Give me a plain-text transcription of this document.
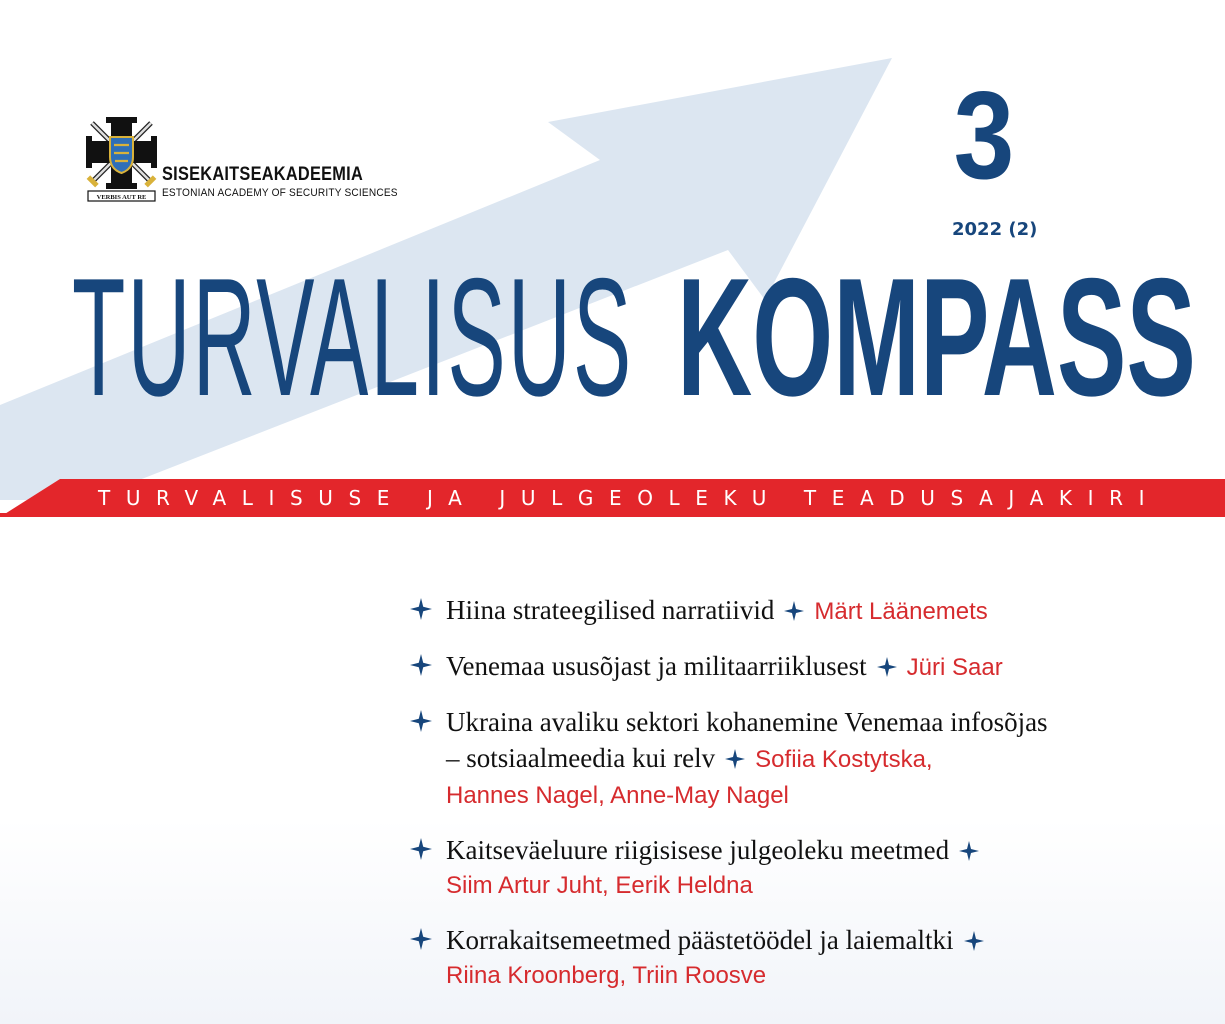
VERBIS AUT RE
SISEKAITSEAKADEEMIA
ESTONIAN ACADEMY OF SECURITY SCIENCES	3
2022 (2)
TURVALISUS KOMPASS
TURVALISUSE JA JULGEOLEKU TEADUSAJAKIRI
Hiina strateegilised narratiivid Märt Läänemets
Venemaa ususõjast ja militaarriiklusest Jüri Saar
Ukraina avaliku sektori kohanemine Venemaa infosõjas
– sotsiaalmeedia kui relv Sofiia Kostytska,
Hannes Nagel, Anne-May Nagel
Kaitseväeluure riigisisese julgeoleku meetmed
Siim Artur Juht, Eerik Heldna
Korrakaitsemeetmed päästetöödel ja laiemaltki
Riina Kroonberg, Triin Roosve
